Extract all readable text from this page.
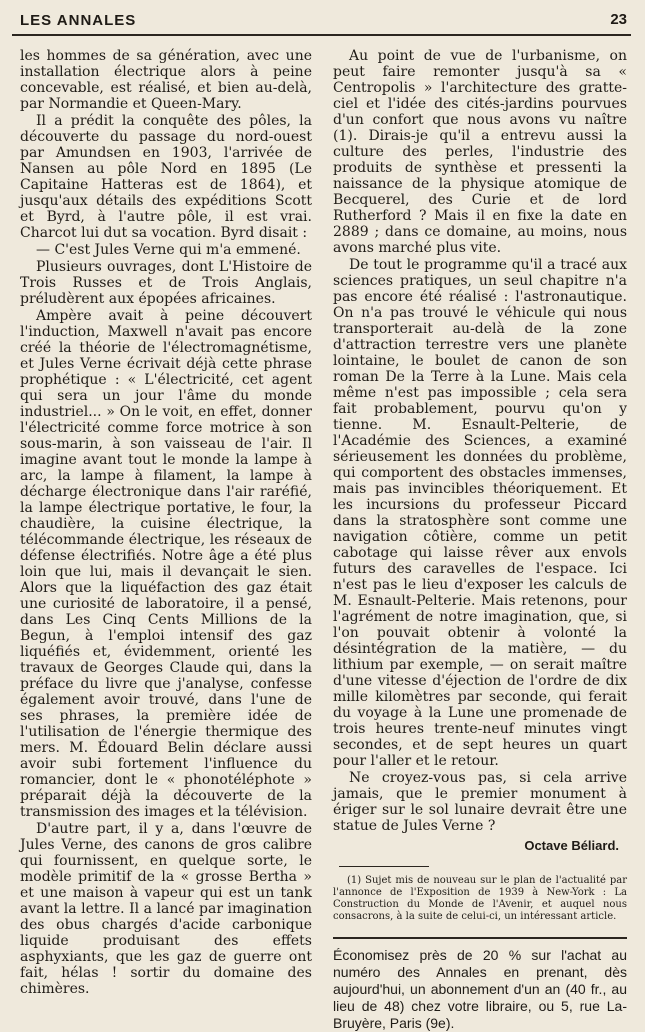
LES ANNALES	23

les hommes de sa génération, avec une installation électrique alors à peine concevable, est réalisé, et bien au-delà, par Normandie et Queen-Mary.

Il a prédit la conquête des pôles, la découverte du passage du nord-ouest par Amundsen en 1903, l'arrivée de Nansen au pôle Nord en 1895 (Le Capitaine Hatteras est de 1864), et jusqu'aux détails des expéditions Scott et Byrd, à l'autre pôle, il est vrai. Charcot lui dut sa vocation. Byrd disait :

— C'est Jules Verne qui m'a emmené.

Plusieurs ouvrages, dont L'Histoire de Trois Russes et de Trois Anglais, préludèrent aux épopées africaines.

Ampère avait à peine découvert l'induction, Maxwell n'avait pas encore créé la théorie de l'électromagnétisme, et Jules Verne écrivait déjà cette phrase prophétique : « L'électricité, cet agent qui sera un jour l'âme du monde industriel... » On le voit, en effet, donner l'électricité comme force motrice à son sous-marin, à son vaisseau de l'air. Il imagine avant tout le monde la lampe à arc, la lampe à filament, la lampe à décharge électronique dans l'air raréfié, la lampe électrique portative, le four, la chaudière, la cuisine électrique, la télécommande électrique, les réseaux de défense électrifiés. Notre âge a été plus loin que lui, mais il devançait le sien. Alors que la liquéfaction des gaz était une curiosité de laboratoire, il a pensé, dans Les Cinq Cents Millions de la Begun, à l'emploi intensif des gaz liquéfiés et, évidemment, orienté les travaux de Georges Claude qui, dans la préface du livre que j'analyse, confesse également avoir trouvé, dans l'une de ses phrases, la première idée de l'utilisation de l'énergie thermique des mers. M. Édouard Belin déclare aussi avoir subi fortement l'influence du romancier, dont le « phonotéléphote » préparait déjà la découverte de la transmission des images et la télévision.

D'autre part, il y a, dans l'œuvre de Jules Verne, des canons de gros calibre qui fournissent, en quelque sorte, le modèle primitif de la « grosse Bertha » et une maison à vapeur qui est un tank avant la lettre. Il a lancé par imagination des obus chargés d'acide carbonique liquide produisant des effets asphyxiants, que les gaz de guerre ont fait, hélas ! sortir du domaine des chimères.

Au point de vue de l'urbanisme, on peut faire remonter jusqu'à sa « Centropolis » l'architecture des gratte-ciel et l'idée des cités-jardins pourvues d'un confort que nous avons vu naître (1). Dirais-je qu'il a entrevu aussi la culture des perles, l'industrie des produits de synthèse et pressenti la naissance de la physique atomique de Becquerel, des Curie et de lord Rutherford ? Mais il en fixe la date en 2889 ; dans ce domaine, au moins, nous avons marché plus vite.

De tout le programme qu'il a tracé aux sciences pratiques, un seul chapitre n'a pas encore été réalisé : l'astronautique. On n'a pas trouvé le véhicule qui nous transporterait au-delà de la zone d'attraction terrestre vers une planète lointaine, le boulet de canon de son roman De la Terre à la Lune. Mais cela même n'est pas impossible ; cela sera fait probablement, pourvu qu'on y tienne. M. Esnault-Pelterie, de l'Académie des Sciences, a examiné sérieusement les données du problème, qui comportent des obstacles immenses, mais pas invincibles théoriquement. Et les incursions du professeur Piccard dans la stratosphère sont comme une navigation côtière, comme un petit cabotage qui laisse rêver aux envols futurs des caravelles de l'espace. Ici n'est pas le lieu d'exposer les calculs de M. Esnault-Pelterie. Mais retenons, pour l'agrément de notre imagination, que, si l'on pouvait obtenir à volonté la désintégration de la matière, — du lithium par exemple, — on serait maître d'une vitesse d'éjection de l'ordre de dix mille kilomètres par seconde, qui ferait du voyage à la Lune une promenade de trois heures trente-neuf minutes vingt secondes, et de sept heures un quart pour l'aller et le retour.

Ne croyez-vous pas, si cela arrive jamais, que le premier monument à ériger sur le sol lunaire devrait être une statue de Jules Verne ?

Octave Béliard.
(1) Sujet mis de nouveau sur le plan de l'actualité par l'annonce de l'Exposition de 1939 à New-York : La Construction du Monde de l'Avenir, et auquel nous consacrons, à la suite de celui-ci, un intéressant article.
Économisez près de 20 % sur l'achat au numéro des Annales en prenant, dès aujourd'hui, un abonnement d'un an (40 fr., au lieu de 48) chez votre libraire, ou 5, rue La-Bruyère, Paris (9e).
